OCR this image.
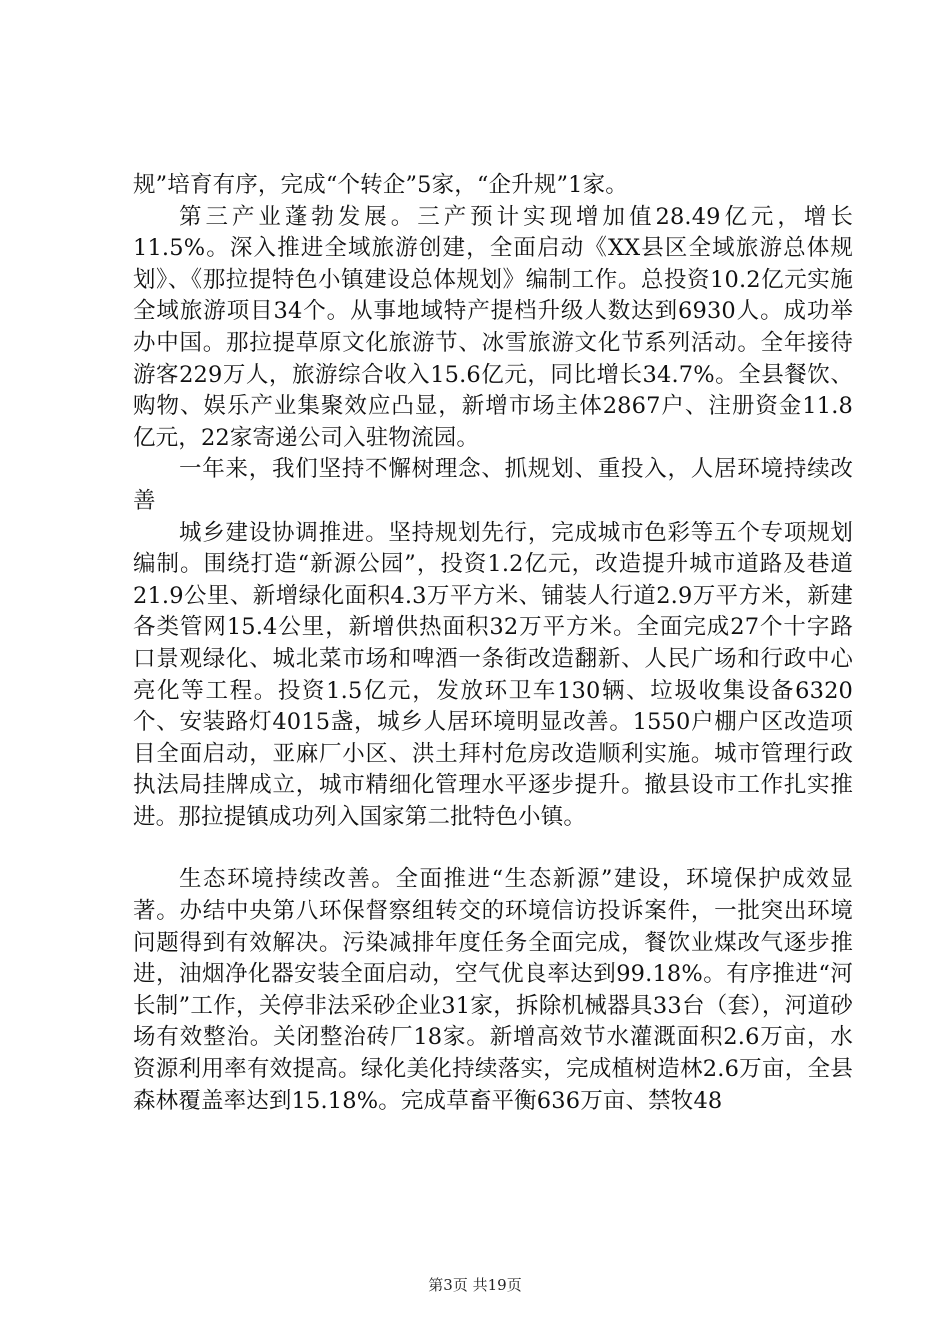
规”培育有序，完成“个转企”5家，“企升规”1家。

第三产业蓬勃发展。三产预计实现增加值28.49亿元，增长11.5%。深入推进全域旅游创建，全面启动《XX县区全域旅游总体规划》、《那拉提特色小镇建设总体规划》编制工作。总投资10.2亿元实施全域旅游项目34个。从事地域特产提档升级人数达到6930人。成功举办中国。那拉提草原文化旅游节、冰雪旅游文化节系列活动。全年接待游客229万人，旅游综合收入15.6亿元，同比增长34.7%。全县餐饮、购物、娱乐产业集聚效应凸显，新增市场主体2867户、注册资金11.8亿元，22家寄递公司入驻物流园。

一年来，我们坚持不懈树理念、抓规划、重投入，人居环境持续改善

城乡建设协调推进。坚持规划先行，完成城市色彩等五个专项规划编制。围绕打造“新源公园”，投资1.2亿元，改造提升城市道路及巷道21.9公里、新增绿化面积4.3万平方米、铺装人行道2.9万平方米，新建各类管网15.4公里，新增供热面积32万平方米。全面完成27个十字路口景观绿化、城北菜市场和啤酒一条街改造翻新、人民广场和行政中心亮化等工程。投资1.5亿元，发放环卫车130辆、垃圾收集设备6320个、安装路灯4015盏，城乡人居环境明显改善。1550户棚户区改造项目全面启动，亚麻厂小区、洪土拜村危房改造顺利实施。城市管理行政执法局挂牌成立，城市精细化管理水平逐步提升。撤县设市工作扎实推进。那拉提镇成功列入国家第二批特色小镇。

生态环境持续改善。全面推进“生态新源”建设，环境保护成效显著。办结中央第八环保督察组转交的环境信访投诉案件，一批突出环境问题得到有效解决。污染减排年度任务全面完成，餐饮业煤改气逐步推进，油烟净化器安装全面启动，空气优良率达到99.18%。有序推进“河长制”工作，关停非法采砂企业31家，拆除机械器具33台（套），河道砂场有效整治。关闭整治砖厂18家。新增高效节水灌溉面积2.6万亩，水资源利用率有效提高。绿化美化持续落实，完成植树造林2.6万亩，全县森林覆盖率达到15.18%。完成草畜平衡636万亩、禁牧48

第3页 共19页
